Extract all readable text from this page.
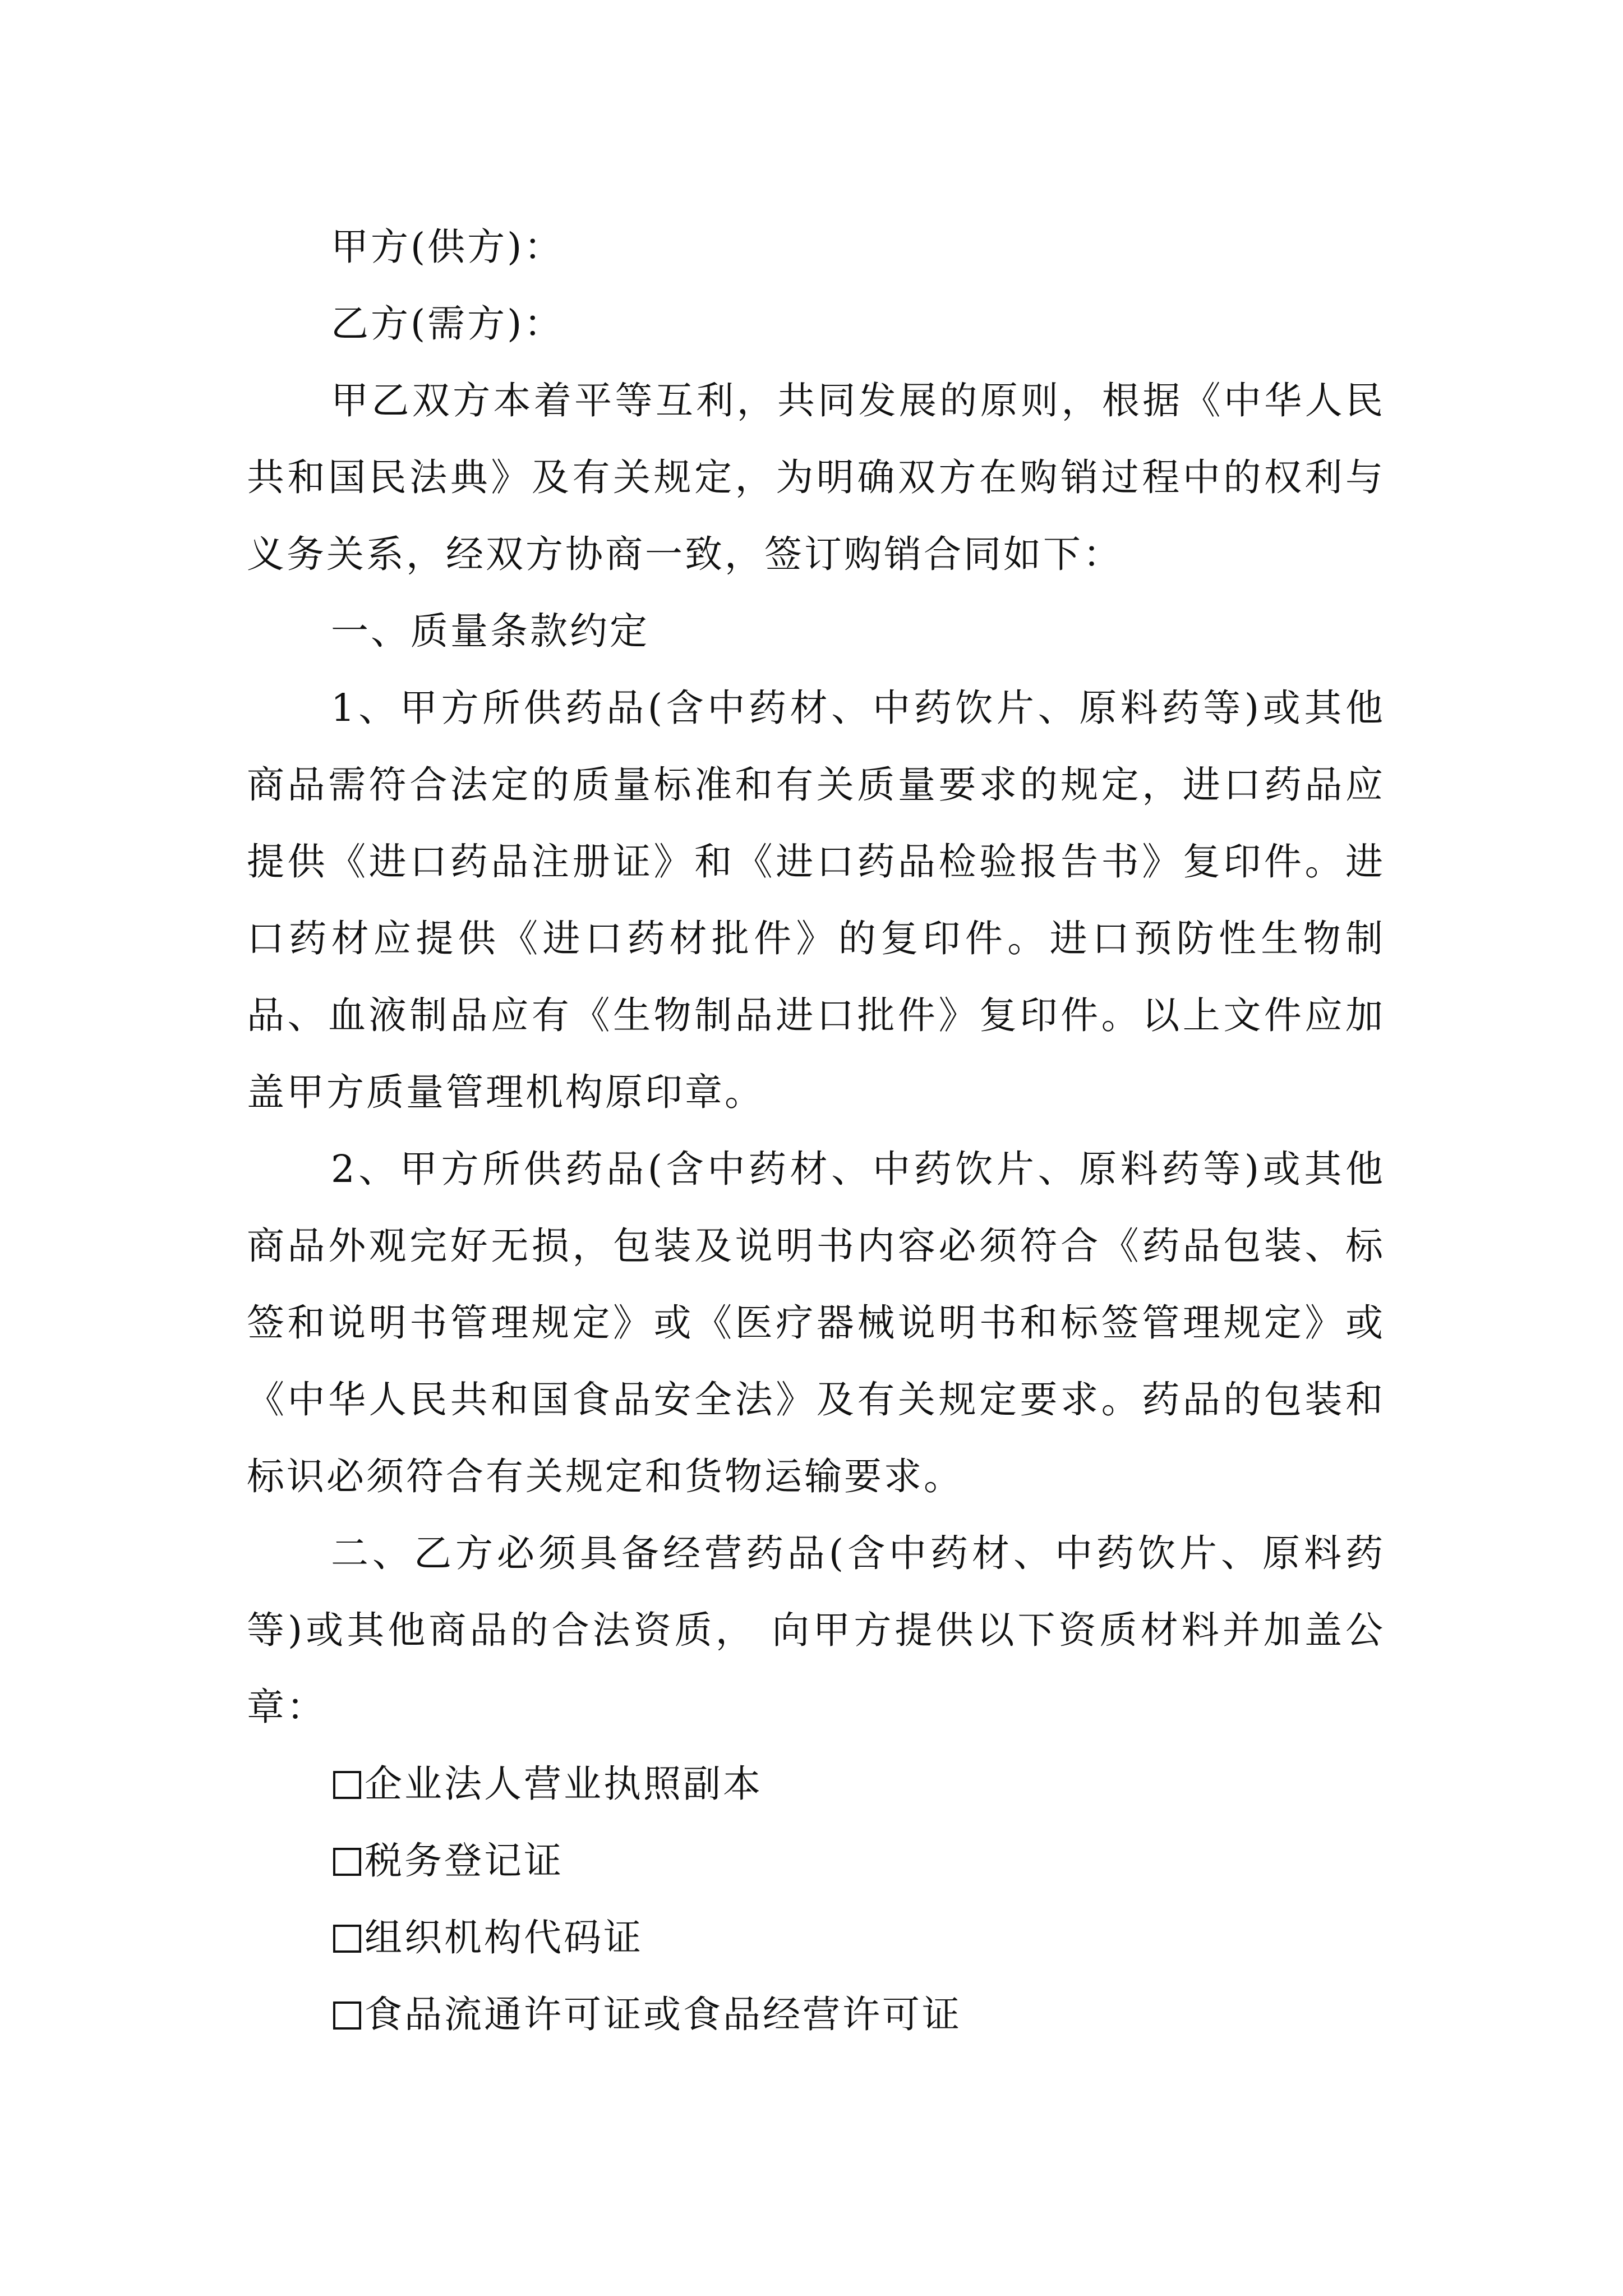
甲方(供方)：

乙方(需方)：

甲乙双方本着平等互利，共同发展的原则，根据《中华人民共和国民法典》及有关规定，为明确双方在购销过程中的权利与义务关系，经双方协商一致，签订购销合同如下：

一、质量条款约定

1、甲方所供药品(含中药材、中药饮片、原料药等)或其他商品需符合法定的质量标准和有关质量要求的规定，进口药品应提供《进口药品注册证》和《进口药品检验报告书》复印件。进口药材应提供《进口药材批件》的复印件。进口预防性生物制品、血液制品应有《生物制品进口批件》复印件。以上文件应加盖甲方质量管理机构原印章。

2、甲方所供药品(含中药材、中药饮片、原料药等)或其他商品外观完好无损，包装及说明书内容必须符合《药品包装、标签和说明书管理规定》或《医疗器械说明书和标签管理规定》或《中华人民共和国食品安全法》及有关规定要求。药品的包装和标识必须符合有关规定和货物运输要求。

二、乙方必须具备经营药品(含中药材、中药饮片、原料药等)或其他商品的合法资质， 向甲方提供以下资质材料并加盖公章：

企业法人营业执照副本

税务登记证

组织机构代码证

食品流通许可证或食品经营许可证
